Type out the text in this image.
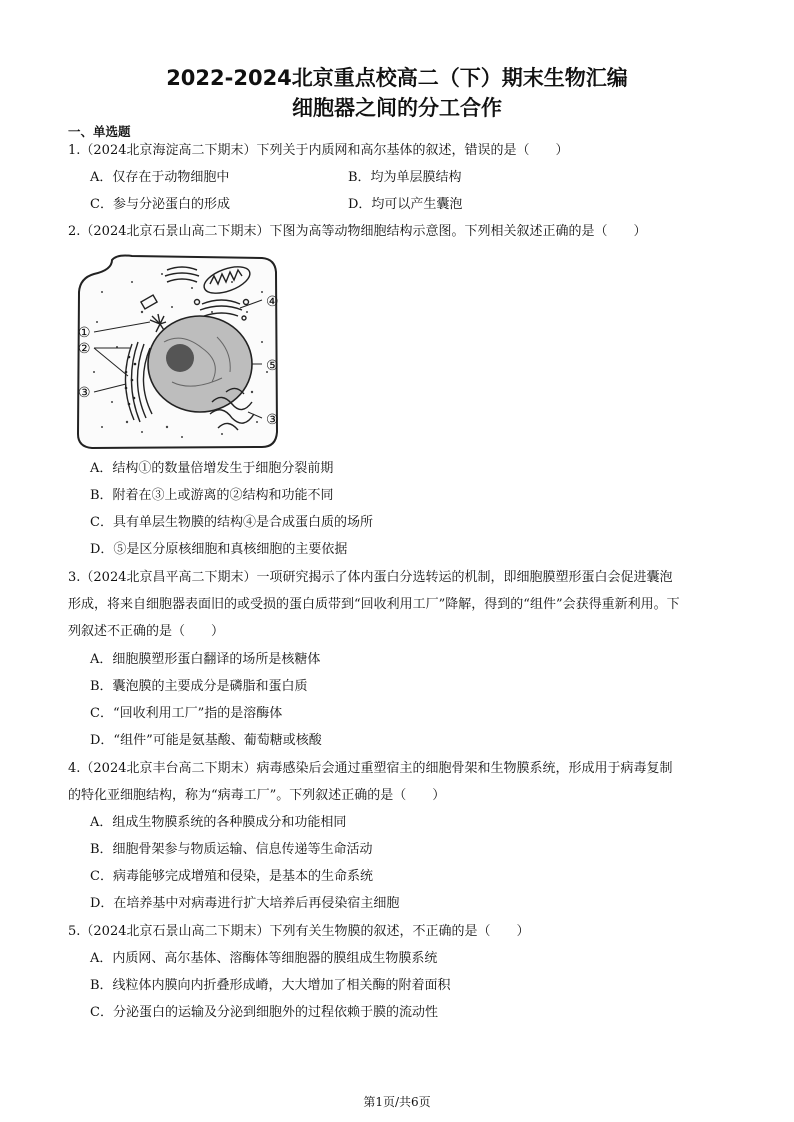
2022-2024北京重点校高二（下）期末生物汇编
细胞器之间的分工合作
一、单选题
1.（2024北京海淀高二下期末）下列关于内质网和高尔基体的叙述，错误的是（　　）
A．仅存在于动物细胞中	B．均为单层膜结构
C．参与分泌蛋白的形成	D．均可以产生囊泡
2.（2024北京石景山高二下期末）下图为高等动物细胞结构示意图。下列相关叙述正确的是（　　）
①
②
③
④
⑤
③
A．结构①的数量倍增发生于细胞分裂前期
B．附着在③上或游离的②结构和功能不同
C．具有单层生物膜的结构④是合成蛋白质的场所
D．⑤是区分原核细胞和真核细胞的主要依据
3.（2024北京昌平高二下期末）一项研究揭示了体内蛋白分选转运的机制，即细胞膜塑形蛋白会促进囊泡
形成，将来自细胞器表面旧的或受损的蛋白质带到“回收利用工厂”降解，得到的“组件”会获得重新利用。下
列叙述不正确的是（　　）
A．细胞膜塑形蛋白翻译的场所是核糖体
B．囊泡膜的主要成分是磷脂和蛋白质
C．“回收利用工厂”指的是溶酶体
D．“组件”可能是氨基酸、葡萄糖或核酸
4.（2024北京丰台高二下期末）病毒感染后会通过重塑宿主的细胞骨架和生物膜系统，形成用于病毒复制
的特化亚细胞结构，称为“病毒工厂”。下列叙述正确的是（　　）
A．组成生物膜系统的各种膜成分和功能相同
B．细胞骨架参与物质运输、信息传递等生命活动
C．病毒能够完成增殖和侵染，是基本的生命系统
D．在培养基中对病毒进行扩大培养后再侵染宿主细胞
5.（2024北京石景山高二下期末）下列有关生物膜的叙述，不正确的是（　　）
A．内质网、高尔基体、溶酶体等细胞器的膜组成生物膜系统
B．线粒体内膜向内折叠形成嵴，大大增加了相关酶的附着面积
C．分泌蛋白的运输及分泌到细胞外的过程依赖于膜的流动性
第1页/共6页
